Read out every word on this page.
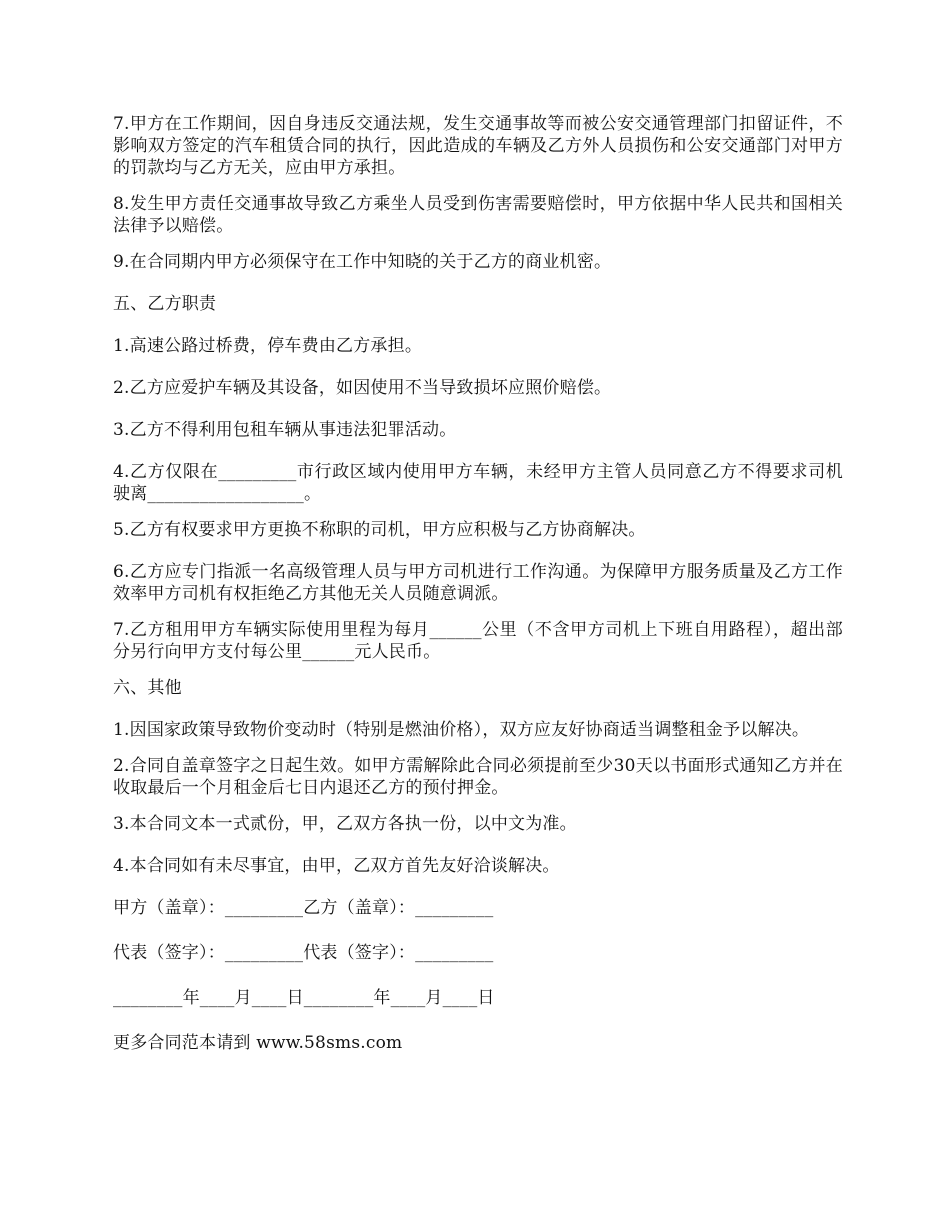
7.甲方在工作期间，因自身违反交通法规，发生交通事故等而被公安交通管理部门扣留证件，不影响双方签定的汽车租赁合同的执行，因此造成的车辆及乙方外人员损伤和公安交通部门对甲方的罚款均与乙方无关，应由甲方承担。

8.发生甲方责任交通事故导致乙方乘坐人员受到伤害需要赔偿时，甲方依据中华人民共和国相关法律予以赔偿。

9.在合同期内甲方必须保守在工作中知晓的关于乙方的商业机密。

五、乙方职责

1.高速公路过桥费，停车费由乙方承担。

2.乙方应爱护车辆及其设备，如因使用不当导致损坏应照价赔偿。

3.乙方不得利用包租车辆从事违法犯罪活动。

4.乙方仅限在_________市行政区域内使用甲方车辆，未经甲方主管人员同意乙方不得要求司机驶离__________________。

5.乙方有权要求甲方更换不称职的司机，甲方应积极与乙方协商解决。

6.乙方应专门指派一名高级管理人员与甲方司机进行工作沟通。为保障甲方服务质量及乙方工作效率甲方司机有权拒绝乙方其他无关人员随意调派。

7.乙方租用甲方车辆实际使用里程为每月______公里（不含甲方司机上下班自用路程），超出部分另行向甲方支付每公里______元人民币。

六、其他

1.因国家政策导致物价变动时（特别是燃油价格），双方应友好协商适当调整租金予以解决。

2.合同自盖章签字之日起生效。如甲方需解除此合同必须提前至少30天以书面形式通知乙方并在收取最后一个月租金后七日内退还乙方的预付押金。

3.本合同文本一式贰份，甲，乙双方各执一份，以中文为准。

4.本合同如有未尽事宜，由甲，乙双方首先友好洽谈解决。

甲方（盖章）：_________乙方（盖章）：_________

代表（签字）：_________代表（签字）：_________

________年____月____日________年____月____日

更多合同范本请到 www.58sms.com
